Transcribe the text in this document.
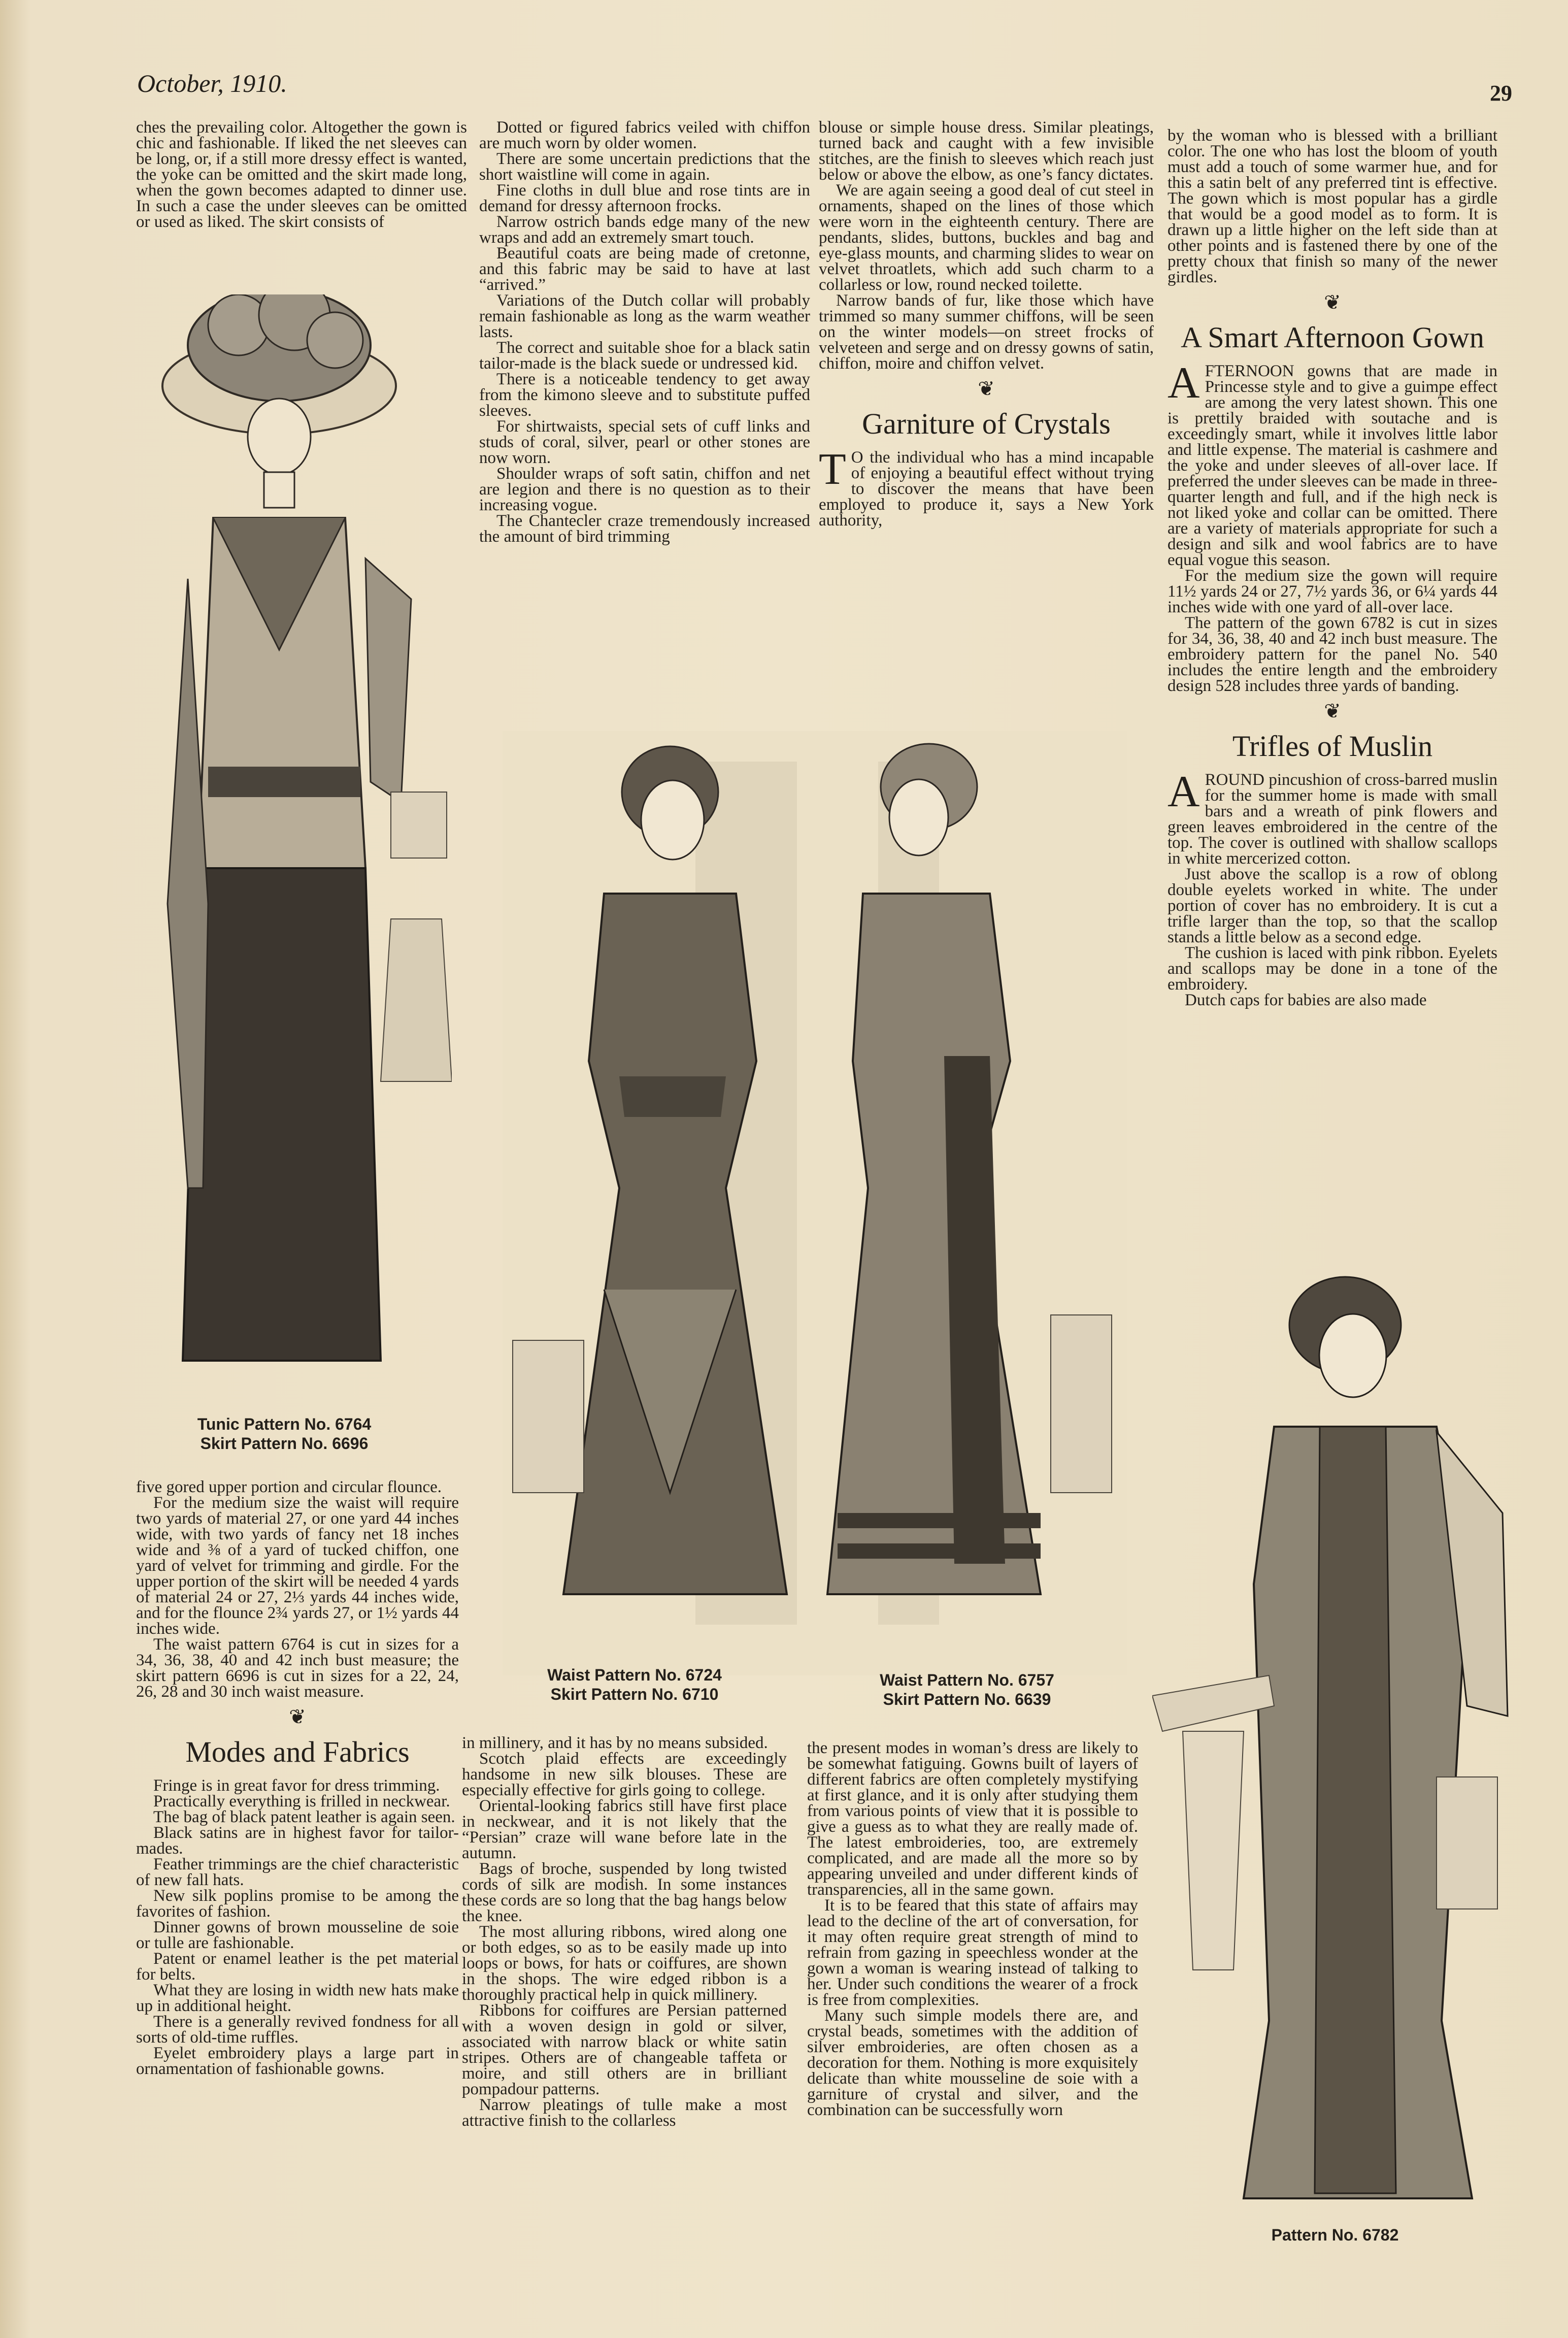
October, 1910.	29

ches the prevailing color. Altogether the gown is chic and fashionable. If liked the net sleeves can be long, or, if a still more dressy effect is wanted, the yoke can be omitted and the skirt made long, when the gown becomes adapted to dinner use. In such a case the under sleeves can be omitted or used as liked. The skirt consists of

Dotted or figured fabrics veiled with chiffon are much worn by older women.

There are some uncertain predictions that the short waistline will come in again.

Fine cloths in dull blue and rose tints are in demand for dressy afternoon frocks.

Narrow ostrich bands edge many of the new wraps and add an extremely smart touch.

Beautiful coats are being made of cretonne, and this fabric may be said to have at last “arrived.”

Variations of the Dutch collar will probably remain fashionable as long as the warm weather lasts.

The correct and suitable shoe for a black satin tailor-made is the black suede or undressed kid.

There is a noticeable tendency to get away from the kimono sleeve and to substitute puffed sleeves.

For shirtwaists, special sets of cuff links and studs of coral, silver, pearl or other stones are now worn.

Shoulder wraps of soft satin, chiffon and net are legion and there is no question as to their increasing vogue.

The Chantecler craze tremendously increased the amount of bird trimming

blouse or simple house dress. Similar pleatings, turned back and caught with a few invisible stitches, are the finish to sleeves which reach just below or above the elbow, as one’s fancy dictates.

We are again seeing a good deal of cut steel in ornaments, shaped on the lines of those which were worn in the eighteenth century. There are pendants, slides, buttons, buckles and bag and eye-glass mounts, and charming slides to wear on velvet throatlets, which add such charm to a collarless or low, round necked toilette.

Narrow bands of fur, like those which have trimmed so many summer chiffons, will be seen on the winter models—on street frocks of velveteen and serge and on dressy gowns of satin, chiffon, moire and chiffon velvet.

❦
Garniture of Crystals

T O the individual who has a mind incapable of enjoying a beautiful effect without trying to discover the means that have been employed to produce it, says a New York authority,

by the woman who is blessed with a brilliant color. The one who has lost the bloom of youth must add a touch of some warmer hue, and for this a satin belt of any preferred tint is effective. The gown which is most popular has a girdle that would be a good model as to form. It is drawn up a little higher on the left side than at other points and is fastened there by one of the pretty choux that finish so many of the newer girdles.

❦
A Smart Afternoon Gown

AFTERNOON gowns that are made in Princesse style and to give a guimpe effect are among the very latest shown. This one is prettily braided with soutache and is exceedingly smart, while it involves little labor and little expense. The material is cashmere and the yoke and under sleeves of all-over lace. If preferred the under sleeves can be made in three-quarter length and full, and if the high neck is not liked yoke and collar can be omitted. There are a variety of materials appropriate for such a design and silk and wool fabrics are to have equal vogue this season.

For the medium size the gown will require 11½ yards 24 or 27, 7½ yards 36, or 6¼ yards 44 inches wide with one yard of all-over lace.

The pattern of the gown 6782 is cut in sizes for 34, 36, 38, 40 and 42 inch bust measure. The embroidery pattern for the panel No. 540 includes the entire length and the embroidery design 528 includes three yards of banding.

❦
Trifles of Muslin

AROUND pincushion of cross-barred muslin for the summer home is made with small bars and a wreath of pink flowers and green leaves embroidered in the centre of the top. The cover is outlined with shallow scallops in white mercerized cotton.

Just above the scallop is a row of oblong double eyelets worked in white. The under portion of cover has no embroidery. It is cut a trifle larger than the top, so that the scallop stands a little below as a second edge.

The cushion is laced with pink ribbon. Eyelets and scallops may be done in a tone of the embroidery.

Dutch caps for babies are also made

Tunic Pattern No. 6764
Skirt Pattern No. 6696
Waist Pattern No. 6724
Skirt Pattern No. 6710
Waist Pattern No. 6757
Skirt Pattern No. 6639

five gored upper portion and circular flounce.

For the medium size the waist will require two yards of material 27, or one yard 44 inches wide, with two yards of fancy net 18 inches wide and ⅜ of a yard of tucked chiffon, one yard of velvet for trimming and girdle. For the upper portion of the skirt will be needed 4 yards of material 24 or 27, 2⅓ yards 44 inches wide, and for the flounce 2¾ yards 27, or 1½ yards 44 inches wide.

The waist pattern 6764 is cut in sizes for a 34, 36, 38, 40 and 42 inch bust measure; the skirt pattern 6696 is cut in sizes for a 22, 24, 26, 28 and 30 inch waist measure.

❦
Modes and Fabrics

Fringe is in great favor for dress trimming.

Practically everything is frilled in neckwear.

The bag of black patent leather is again seen.

Black satins are in highest favor for tailor-mades.

Feather trimmings are the chief characteristic of new fall hats.

New silk poplins promise to be among the favorites of fashion.

Dinner gowns of brown mousseline de soie or tulle are fashionable.

Patent or enamel leather is the pet material for belts.

What they are losing in width new hats make up in additional height.

There is a generally revived fondness for all sorts of old-time ruffles.

Eyelet embroidery plays a large part in ornamentation of fashionable gowns.

in millinery, and it has by no means subsided.

Scotch plaid effects are exceedingly handsome in new silk blouses. These are especially effective for girls going to college.

Oriental-looking fabrics still have first place in neckwear, and it is not likely that the “Persian” craze will wane before late in the autumn.

Bags of broche, suspended by long twisted cords of silk are modish. In some instances these cords are so long that the bag hangs below the knee.

The most alluring ribbons, wired along one or both edges, so as to be easily made up into loops or bows, for hats or coiffures, are shown in the shops. The wire edged ribbon is a thoroughly practical help in quick millinery.

Ribbons for coiffures are Persian patterned with a woven design in gold or silver, associated with narrow black or white satin stripes. Others are of changeable taffeta or moire, and still others are in brilliant pompadour patterns.

Narrow pleatings of tulle make a most attractive finish to the collarless

the present modes in woman’s dress are likely to be somewhat fatiguing. Gowns built of layers of different fabrics are often completely mystifying at first glance, and it is only after studying them from various points of view that it is possible to give a guess as to what they are really made of. The latest embroideries, too, are extremely complicated, and are made all the more so by appearing unveiled and under different kinds of transparencies, all in the same gown.

It is to be feared that this state of affairs may lead to the decline of the art of conversation, for it may often require great strength of mind to refrain from gazing in speechless wonder at the gown a woman is wearing instead of talking to her. Under such conditions the wearer of a frock is free from complexities.

Many such simple models there are, and crystal beads, sometimes with the addition of silver embroideries, are often chosen as a decoration for them. Nothing is more exquisitely delicate than white mousseline de soie with a garniture of crystal and silver, and the combination can be successfully worn

Pattern No. 6782
